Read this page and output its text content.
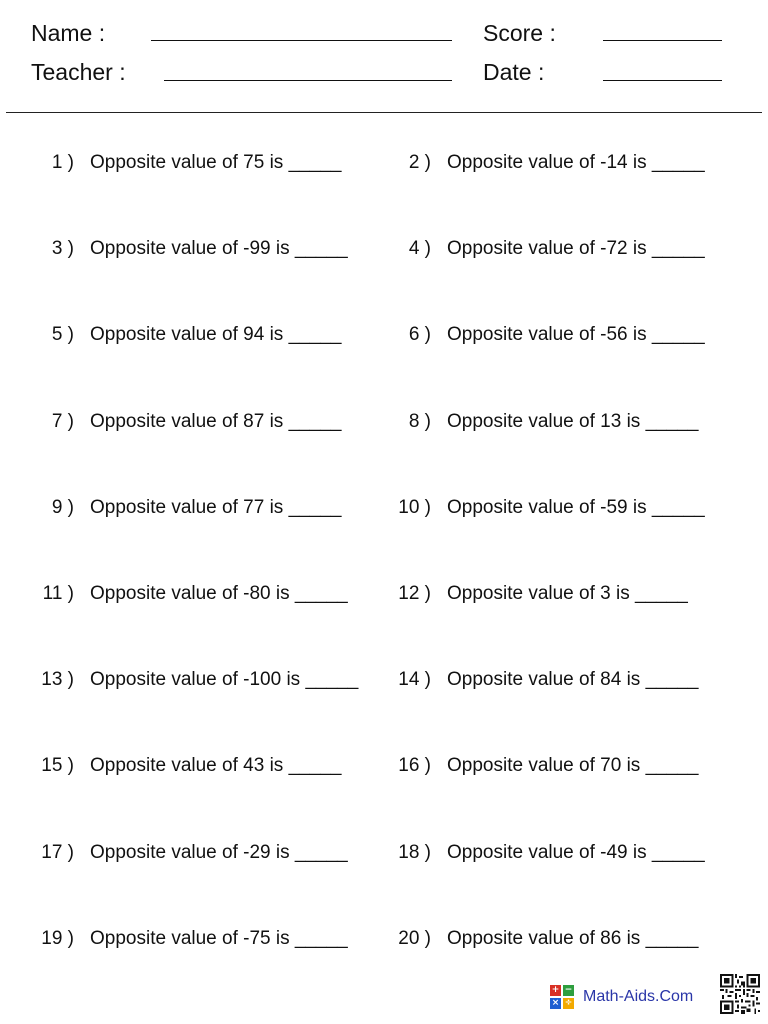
Name :
Teacher :
Score :
Date :
1 ) Opposite value of 75 is _____	2 ) Opposite value of -14 is _____
3 ) Opposite value of -99 is _____	4 ) Opposite value of -72 is _____
5 ) Opposite value of 94 is _____	6 ) Opposite value of -56 is _____
7 ) Opposite value of 87 is _____	8 ) Opposite value of 13 is _____
9 ) Opposite value of 77 is _____	10 ) Opposite value of -59 is _____
11 ) Opposite value of -80 is _____	12 ) Opposite value of 3 is _____
13 ) Opposite value of -100 is _____	14 ) Opposite value of 84 is _____
15 ) Opposite value of 43 is _____	16 ) Opposite value of 70 is _____
17 ) Opposite value of -29 is _____	18 ) Opposite value of -49 is _____
19 ) Opposite value of -75 is _____	20 ) Opposite value of 86 is _____
+ −
× ÷ Math-Aids.Com
